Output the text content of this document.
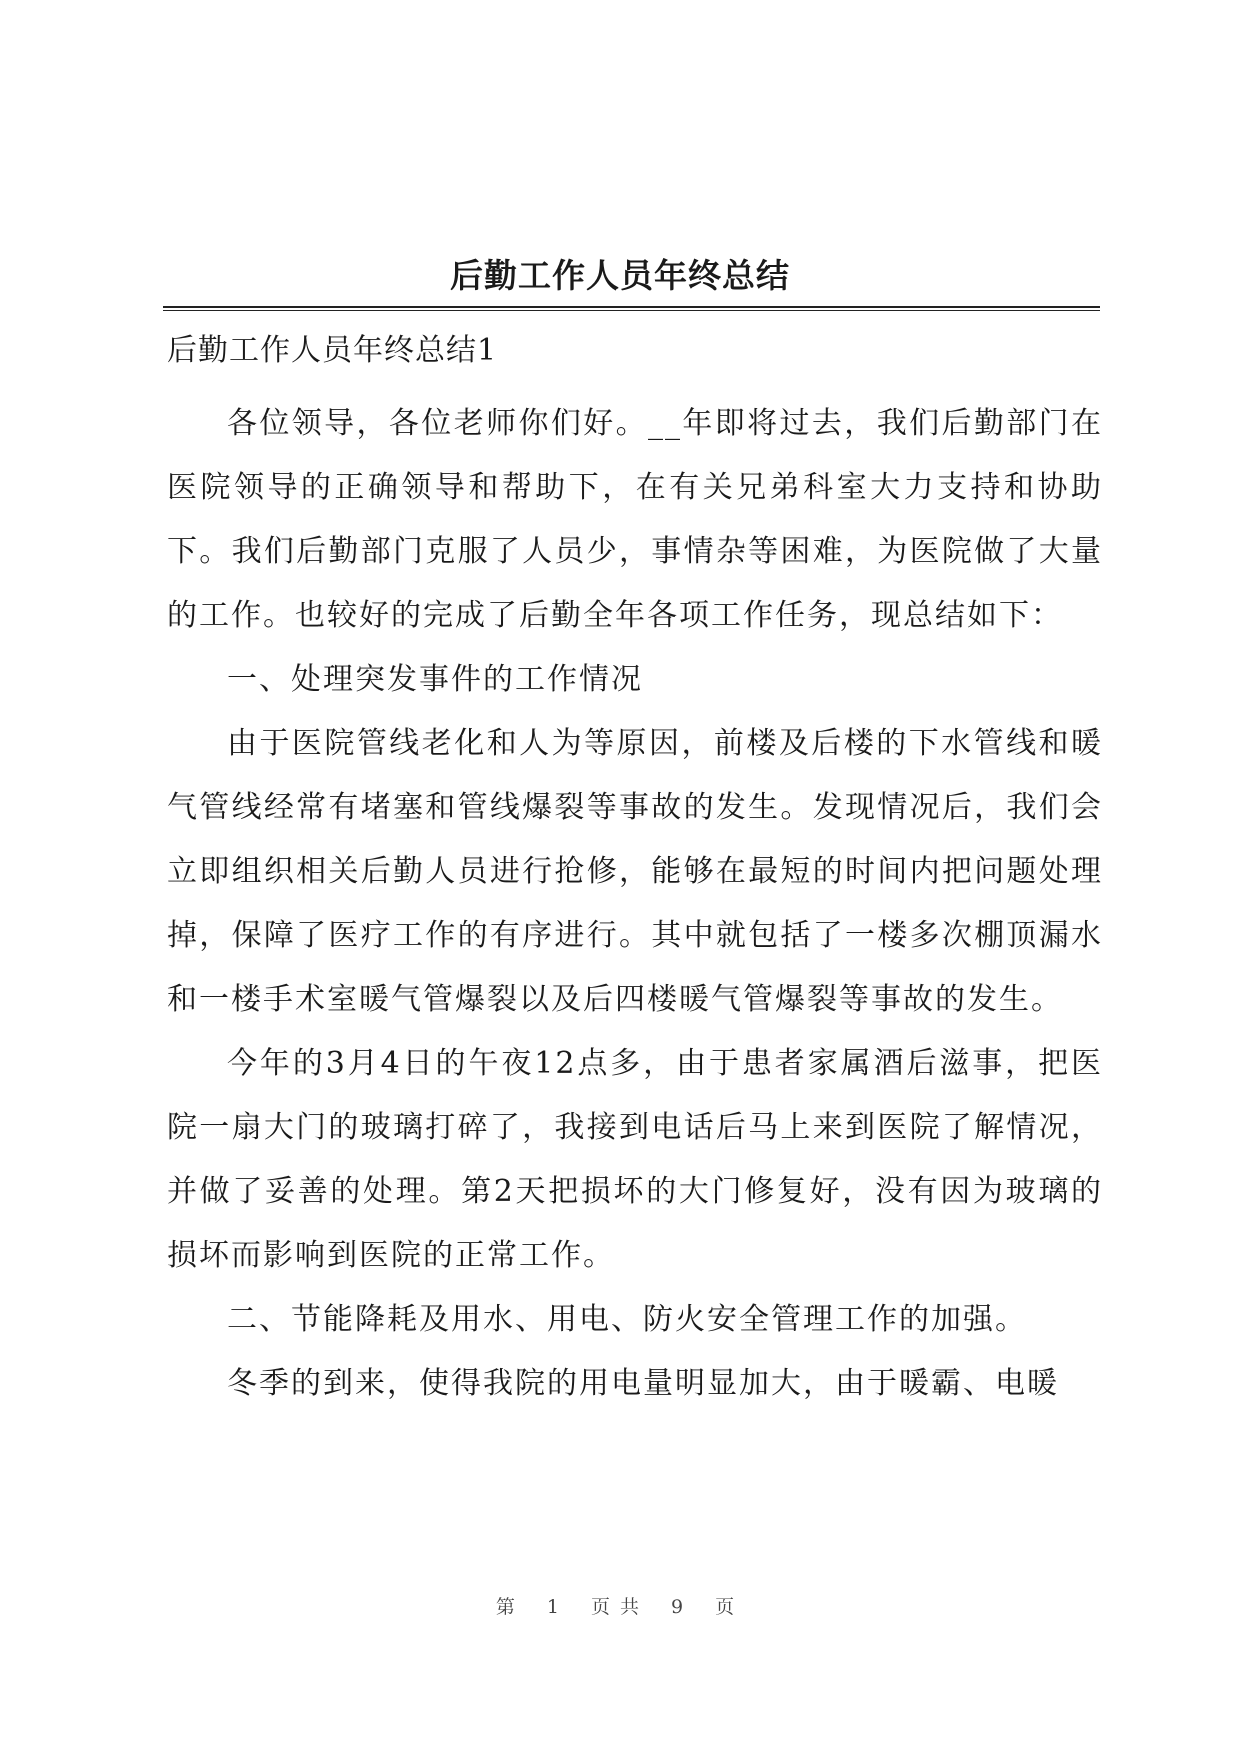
后勤工作人员年终总结

后勤工作人员年终总结1

各位领导，各位老师你们好。__年即将过去，我们后勤部门在医院领导的正确领导和帮助下，在有关兄弟科室大力支持和协助下。我们后勤部门克服了人员少，事情杂等困难，为医院做了大量的工作。也较好的完成了后勤全年各项工作任务，现总结如下：

一、处理突发事件的工作情况

由于医院管线老化和人为等原因，前楼及后楼的下水管线和暖气管线经常有堵塞和管线爆裂等事故的发生。发现情况后，我们会立即组织相关后勤人员进行抢修，能够在最短的时间内把问题处理掉，保障了医疗工作的有序进行。其中就包括了一楼多次棚顶漏水和一楼手术室暖气管爆裂以及后四楼暖气管爆裂等事故的发生。

今年的3月4日的午夜12点多，由于患者家属酒后滋事，把医院一扇大门的玻璃打碎了，我接到电话后马上来到医院了解情况，并做了妥善的处理。第2天把损坏的大门修复好，没有因为玻璃的损坏而影响到医院的正常工作。

二、节能降耗及用水、用电、防火安全管理工作的加强。

冬季的到来，使得我院的用电量明显加大，由于暖霸、电暖

第 1 页共 9 页
